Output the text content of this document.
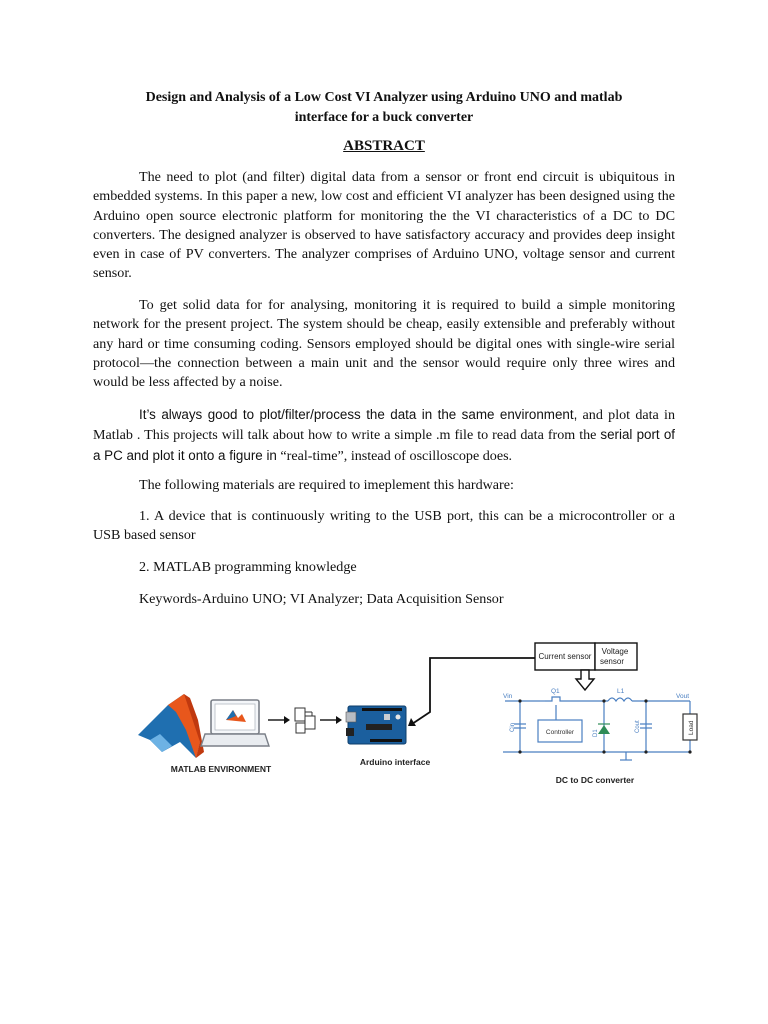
Design and Analysis of a Low Cost VI Analyzer using Arduino UNO and matlab
interface for a buck converter
ABSTRACT

The need to plot (and filter) digital data from a sensor or front end circuit is ubiquitous in embedded systems. In this paper a new, low cost and efficient VI analyzer has been designed using the Arduino open source electronic platform for monitoring the the VI characteristics of a DC to DC converters. The designed analyzer is observed to have satisfactory accuracy and provides deep insight even in case of PV converters. The analyzer comprises of Arduino UNO, voltage sensor and current sensor.

To get solid data for for analysing, monitoring it is required to build a simple monitoring network for the present project. The system should be cheap, easily extensible and preferably without any hard or time consuming coding. Sensors employed should be digital ones with single-wire serial protocol—the connection between a main unit and the sensor would require only three wires and would be less affected by a noise.

It’s always good to plot/filter/process the data in the same environment, and plot data in Matlab . This projects will talk about how to write a simple .m file to read data from the serial port of a PC and plot it onto a figure in “real-time”, instead of oscilloscope does.

The following materials are required to imeplement this hardware:

1. A device that is continuously writing to the USB port, this can be a microcontroller or a USB based sensor

2. MATLAB programming knowledge
Keywords-Arduino UNO; VI Analyzer; Data Acquisition Sensor
Current sensor
Voltage
sensor
Vin	Vout
Q1	L1
Controller
Cin
D1
Cout	Load
MATLAB ENVIRONMENT
Arduino interface
DC to DC converter
